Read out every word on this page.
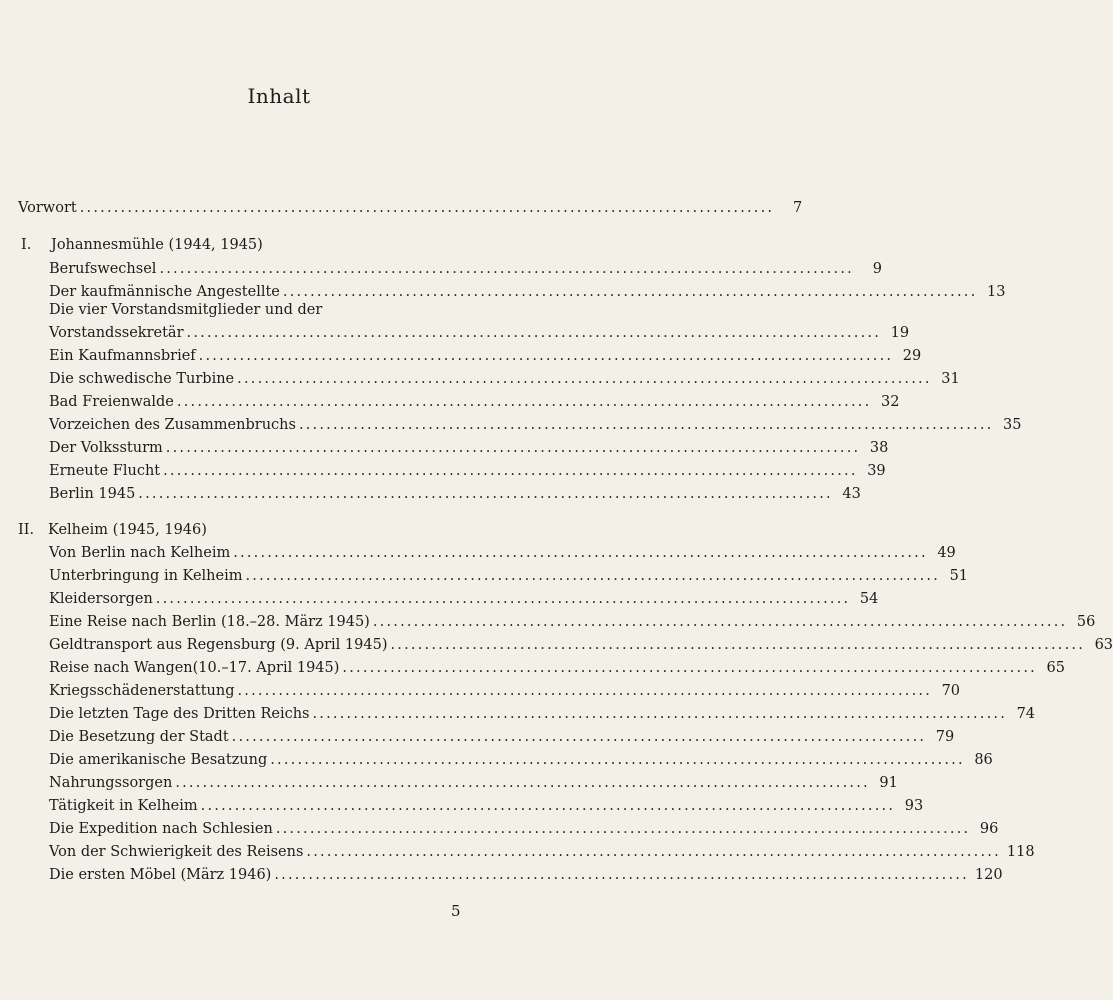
Inhalt
Vorwort ......................................................................................................	7
I. Johannesmühle (1944, 1945)
Berufswechsel ......................................................................................................	9
Der kaufmännische Angestellte ...................................................................................................... 13
Die vier Vorstandsmitglieder und der
Vorstandssekretär ...................................................................................................... 19
Ein Kaufmannsbrief ...................................................................................................... 29
Die schwedische Turbine ...................................................................................................... 31
Bad Freienwalde ...................................................................................................... 32
Vorzeichen des Zusammenbruchs ...................................................................................................... 35
Der Volkssturm ...................................................................................................... 38
Erneute Flucht ...................................................................................................... 39
Berlin 1945 ...................................................................................................... 43
II. Kelheim (1945, 1946)
Von Berlin nach Kelheim ...................................................................................................... 49
Unterbringung in Kelheim ...................................................................................................... 51
Kleidersorgen ...................................................................................................... 54
Eine Reise nach Berlin (18.–28. März 1945) ...................................................................................................... 56
Geldtransport aus Regensburg (9. April 1945) ...................................................................................................... 63
Reise nach Wangen(10.–17. April 1945) ...................................................................................................... 65
Kriegsschädenerstattung ...................................................................................................... 70
Die letzten Tage des Dritten Reichs ...................................................................................................... 74
Die Besetzung der Stadt ...................................................................................................... 79
Die amerikanische Besatzung ...................................................................................................... 86
Nahrungssorgen ...................................................................................................... 91
Tätigkeit in Kelheim ...................................................................................................... 93
Die Expedition nach Schlesien ...................................................................................................... 96
Von der Schwierigkeit des Reisens ...................................................................................................... 118
Die ersten Möbel (März 1946) ...................................................................................................... 120
5
